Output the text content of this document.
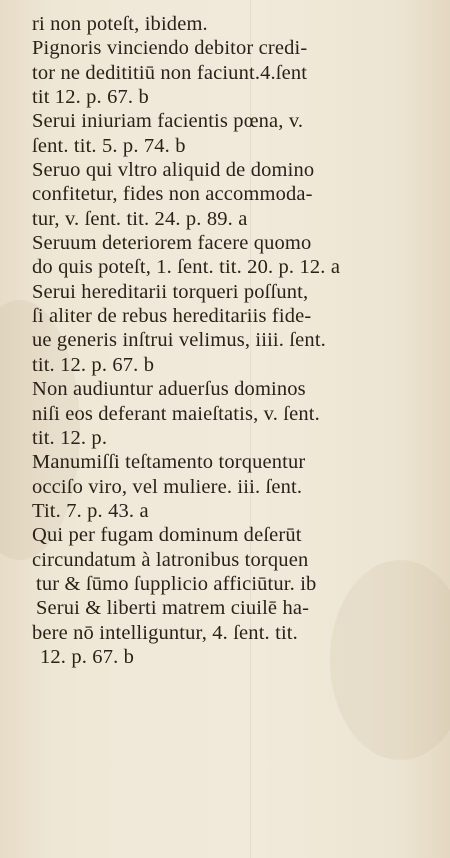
ri non poteſt, ibidem.
Pignoris vinciendo debitor credi-
tor ne dedititiū non faciunt.4.ſent
tit 12. p. 67. b
Serui iniuriam facientis pœna, v.
ſent. tit. 5. p. 74. b
Seruo qui vltro aliquid de domino
confitetur, fides non accommoda-
tur, v. ſent. tit. 24. p. 89. a
Seruum deteriorem facere quomo
do quis poteſt, 1. ſent. tit. 20. p. 12. a
Serui hereditarii torqueri poſſunt,
ſi aliter de rebus hereditariis fide-
ue generis inſtrui velimus, iiii. ſent.
tit. 12. p. 67. b
Non audiuntur aduerſus dominos
niſi eos deferant maieſtatis, v. ſent.
tit. 12. p.
Manumiſſi teſtamento torquentur
occiſo viro, vel muliere. iii. ſent.
Tit. 7. p. 43. a
Qui per fugam dominum deſerūt
circundatum à latronibus torquen
tur & ſūmo ſupplicio afficiūtur. ib
Serui & liberti matrem ciuilē ha-
bere nō intelliguntur, 4. ſent. tit.
12. p. 67. b
